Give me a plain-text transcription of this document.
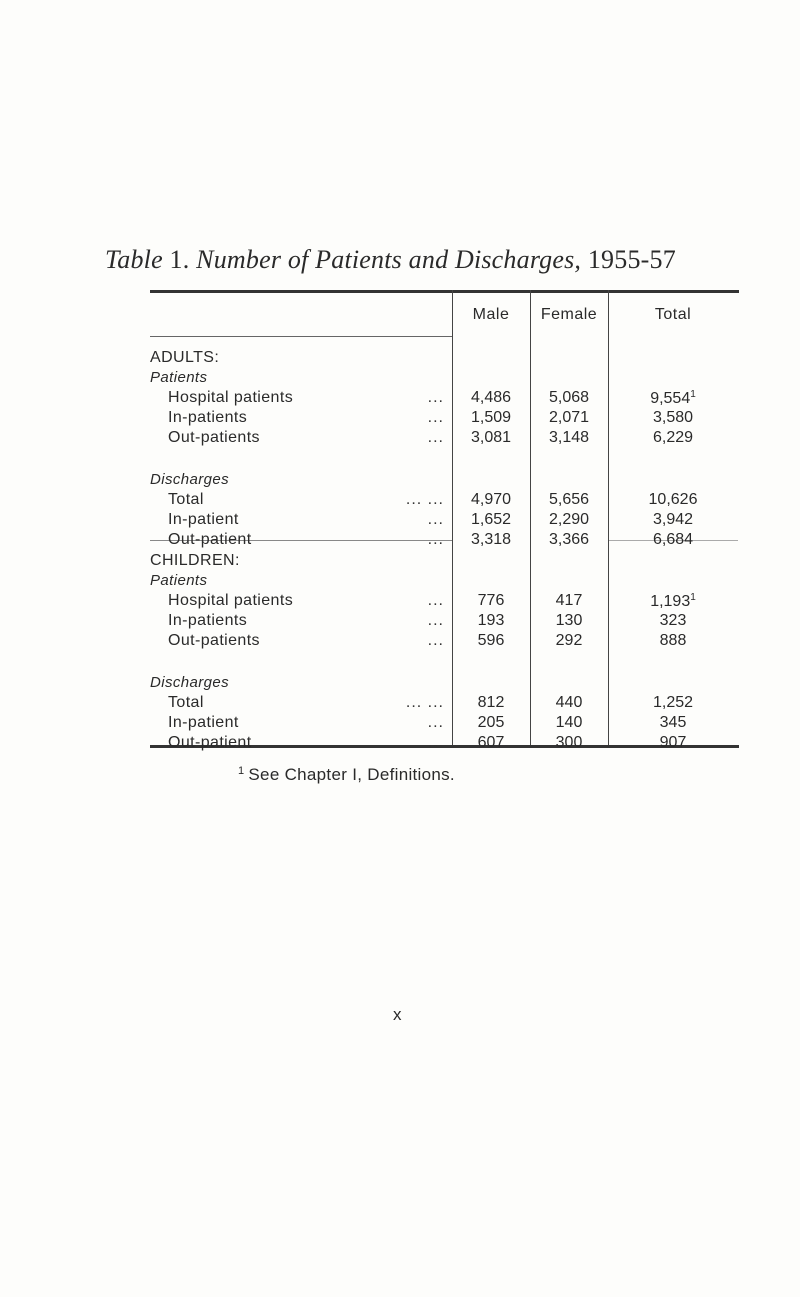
Table 1. Number of Patients and Discharges, 1955-57
Male	Female	Total
ADULTS:
Patients
Hospital patients	...	4,486	5,068	9,554$^1$
In-patients	...	1,509	2,071	3,580
Out-patients	...	3,081	3,148	6,229
Discharges
Total	... ...	4,970	5,656	10,626
In-patient	...	1,652	2,290	3,942
Out-patient	...	3,318	3,366	6,684
CHILDREN:
Patients
Hospital patients	...	776	417	1,193$^1$
In-patients	...	193	130	323
Out-patients	...	596	292	888
Discharges
Total	... ...	812	440	1,252
In-patient	...	205	140	345
Out-patient	...	607	300	907
$^1$ See Chapter I, Definitions.
x
